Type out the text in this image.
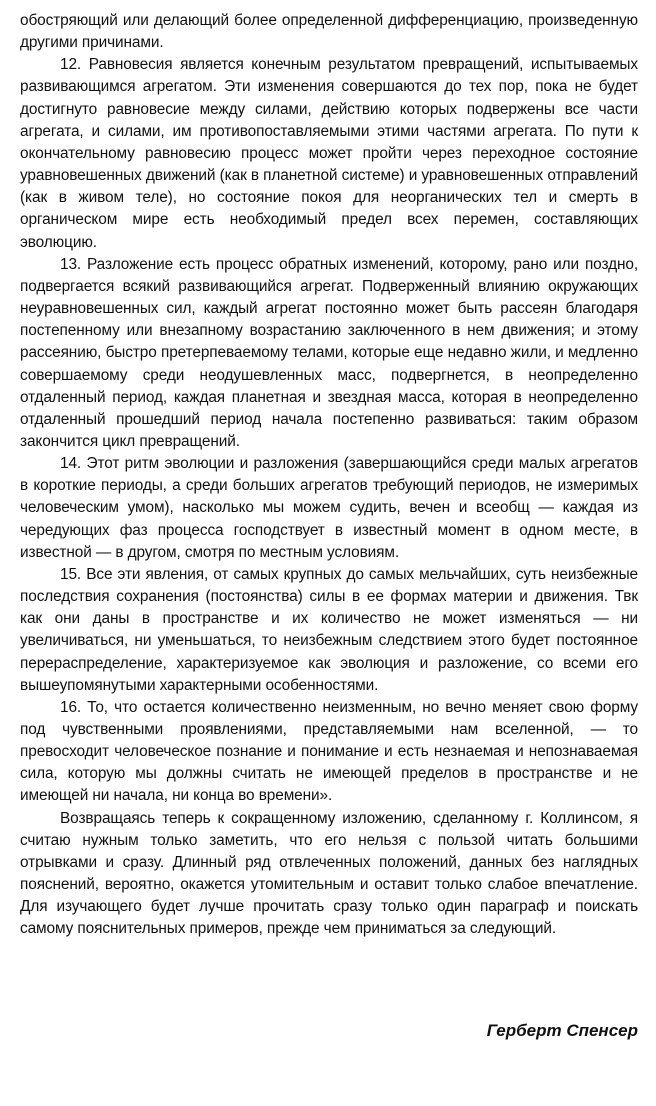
обостряющий или делающий более определенной дифференциацию, произведенную другими причинами.

12. Равновесия является конечным результатом превращений, испытываемых развивающимся агрегатом. Эти изменения совершаются до тех пор, пока не будет достигнуто равновесие между силами, действию которых подвержены все части агрегата, и силами, им противопоставляемыми этими частями агрегата. По пути к окончательному равновесию процесс может пройти через переходное состояние уравновешенных движений (как в планетной системе) и уравновешенных отправлений (как в живом теле), но состояние покоя для неорганических тел и смерть в органическом мире есть необходимый предел всех перемен, составляющих эволюцию.

13. Разложение есть процесс обратных изменений, которому, рано или поздно, подвергается всякий развивающийся агрегат. Подверженный влиянию окружающих неуравновешенных сил, каждый агрегат постоянно может быть рассеян благодаря постепенному или внезапному возрастанию заключенного в нем движения; и этому рассеянию, быстро претерпеваемому телами, которые еще недавно жили, и медленно совершаемому среди неодушевленных масс, подвергнется, в неопределенно отдаленный период, каждая планетная и звездная масса, которая в неопределенно отдаленный прошедший период начала постепенно развиваться: таким образом закончится цикл превращений.

14. Этот ритм эволюции и разложения (завершающийся среди малых агрегатов в короткие периоды, а среди больших агрегатов требующий периодов, не измеримых человеческим умом), насколько мы можем судить, вечен и всеобщ — каждая из чередующих фаз процесса господствует в известный момент в одном месте, в известной — в другом, смотря по местным условиям.

15. Все эти явления, от самых крупных до самых мельчайших, суть неизбежные последствия сохранения (постоянства) силы в ее формах материи и движения. Твк как они даны в пространстве и их количество не может изменяться — ни увеличиваться, ни уменьшаться, то неизбежным следствием этого будет постоянное перераспределение, характеризуемое как эволюция и разложение, со всеми его вышеупомянутыми характерными особенностями.

16. То, что остается количественно неизменным, но вечно меняет свою форму под чувственными проявлениями, представляемыми нам вселенной, — то превосходит человеческое познание и понимание и есть незнаемая и непознаваемая сила, которую мы должны считать не имеющей пределов в пространстве и не имеющей ни начала, ни конца во времени».

Возвращаясь теперь к сокращенному изложению, сделанному г. Коллинсом, я считаю нужным только заметить, что его нельзя с пользой читать большими отрывками и сразу. Длинный ряд отвлеченных положений, данных без наглядных пояснений, вероятно, окажется утомительным и оставит только слабое впечатление. Для изучающего будет лучше прочитать сразу только один параграф и поискать самому пояснительных примеров, прежде чем приниматься за следующий.

Герберт Спенсер
